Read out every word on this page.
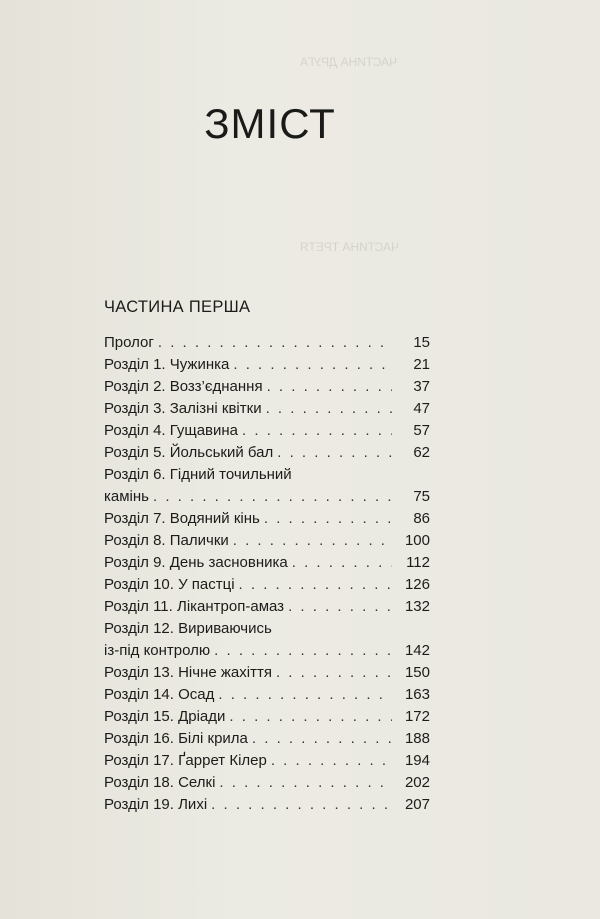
ЧАСТИНА ДРУГА
ЧАСТИНА ТРЕТЯ
ЗМІСТ
ЧАСТИНА ПЕРША
Пролог . . .	15
Розділ 1. Чужинка . . .	21
Розділ 2. Возз’єднання . . .	37
Розділ 3. Залізні квітки . . .	47
Розділ 4. Гущавина . . .	57
Розділ 5. Йольський бал . . .	62
Розділ 6. Гідний точильний
камінь . . .	75
Розділ 7. Водяний кінь . . .	86
Розділ 8. Палички . . .	100
Розділ 9. День засновника . . .	112
Розділ 10. У пастці . . .	126
Розділ 11. Лікантроп-амаз . . .	132
Розділ 12. Вириваючись
із-під контролю . . .	142
Розділ 13. Нічне жахіття . . .	150
Розділ 14. Осад . . .	163
Розділ 15. Дріади . . .	172
Розділ 16. Білі крила . . .	188
Розділ 17. Ґаррет Кілер . . .	194
Розділ 18. Селкі . . .	202
Розділ 19. Лихі . . .	207
